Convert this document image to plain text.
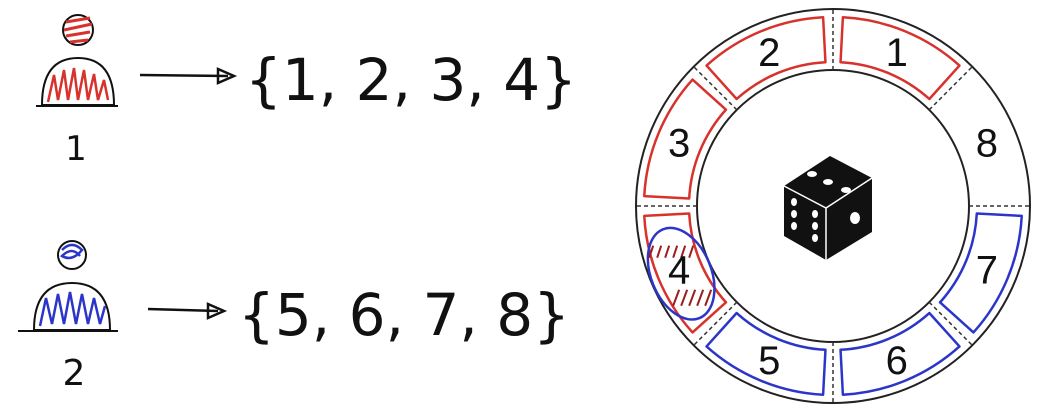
1
{1, 2, 3, 4}
2
{5, 6, 7, 8}
1
8
7
6
5
4
3
2
